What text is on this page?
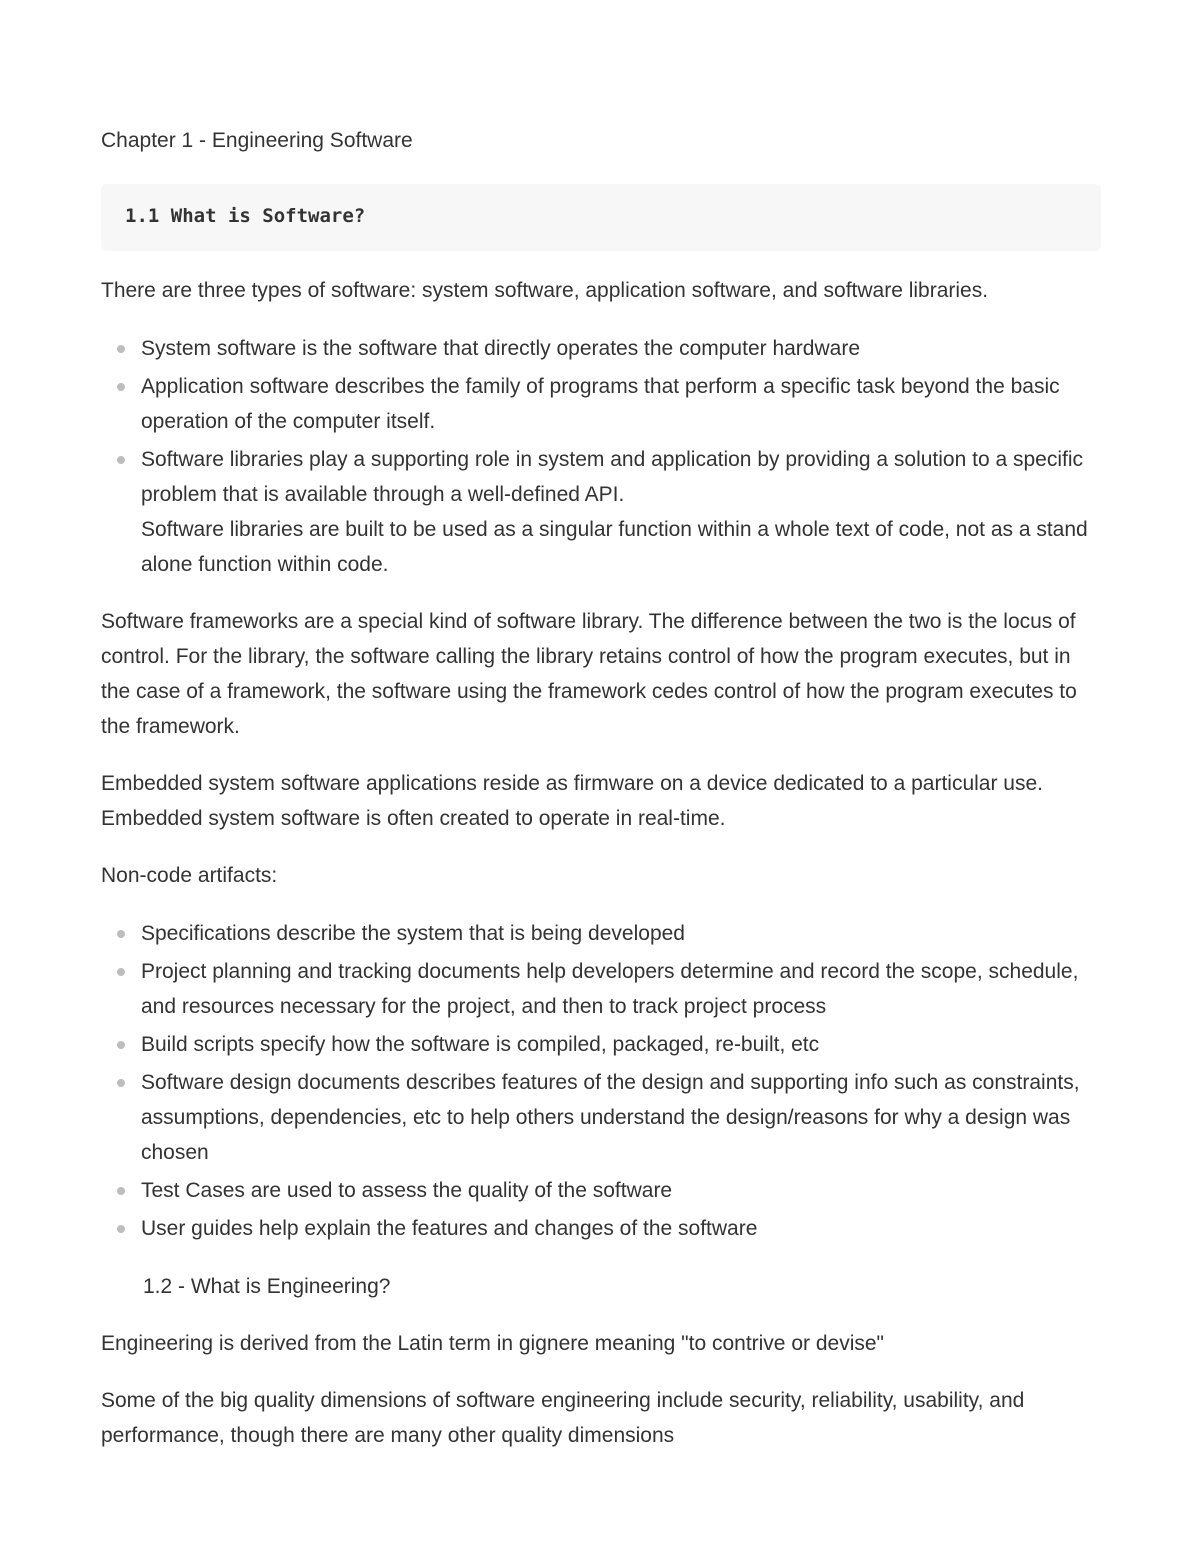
Chapter 1 - Engineering Software

1.1 What is Software?

There are three types of software: system software, application software, and software libraries.

System software is the software that directly operates the computer hardware
Application software describes the family of programs that perform a specific task beyond the basic operation of the computer itself.
Software libraries play a supporting role in system and application by providing a solution to a specific problem that is available through a well-defined API.
Software libraries are built to be used as a singular function within a whole text of code, not as a stand alone function within code.

Software frameworks are a special kind of software library. The difference between the two is the locus of control. For the library, the software calling the library retains control of how the program executes, but in the case of a framework, the software using the framework cedes control of how the program executes to the framework.

Embedded system software applications reside as firmware on a device dedicated to a particular use. Embedded system software is often created to operate in real-time.

Non-code artifacts:

Specifications describe the system that is being developed
Project planning and tracking documents help developers determine and record the scope, schedule, and resources necessary for the project, and then to track project process
Build scripts specify how the software is compiled, packaged, re-built, etc
Software design documents describes features of the design and supporting info such as constraints, assumptions, dependencies, etc to help others understand the design/reasons for why a design was chosen
Test Cases are used to assess the quality of the software
User guides help explain the features and changes of the software

1.2 - What is Engineering?

Engineering is derived from the Latin term in gignere meaning "to contrive or devise"

Some of the big quality dimensions of software engineering include security, reliability, usability, and performance, though there are many other quality dimensions
